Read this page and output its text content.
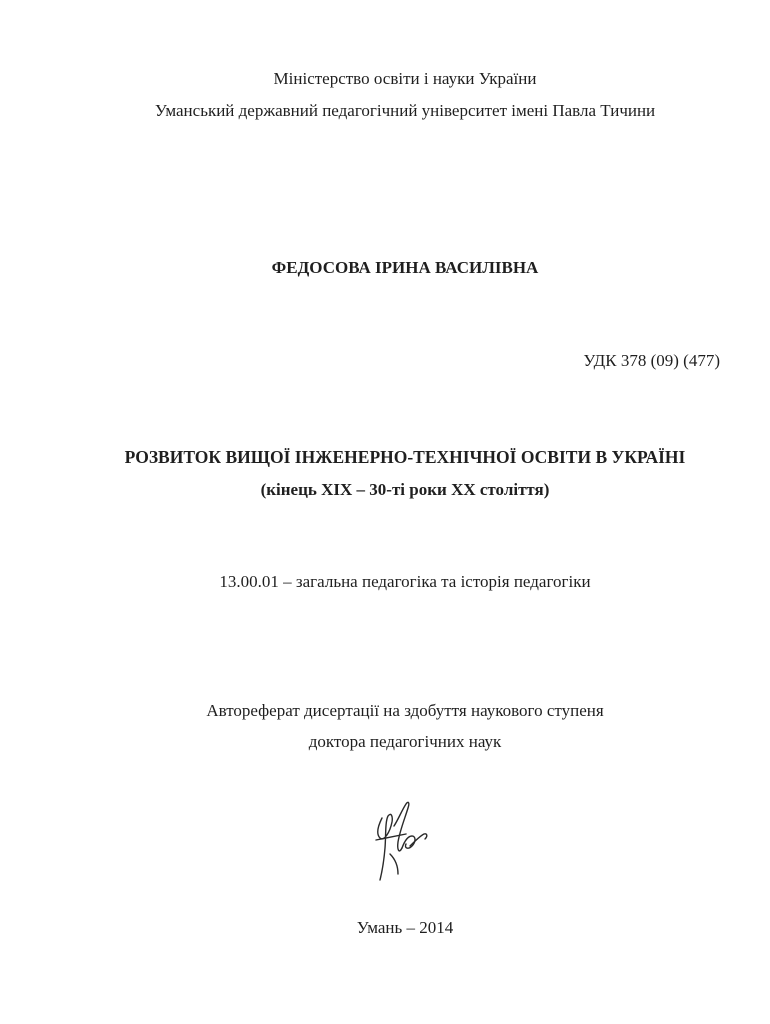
Міністерство освіти і науки України
Уманський державний педагогічний університет імені Павла Тичини
ФЕДОСОВА ІРИНА ВАСИЛІВНА
УДК 378 (09) (477)
РОЗВИТОК ВИЩОЇ ІНЖЕНЕРНО-ТЕХНІЧНОЇ ОСВІТИ В УКРАЇНІ
(кінець ХІХ – 30-ті роки ХХ століття)
13.00.01 – загальна педагогіка та історія педагогіки
Автореферат дисертації на здобуття наукового ступеня
доктора педагогічних наук
Умань – 2014
